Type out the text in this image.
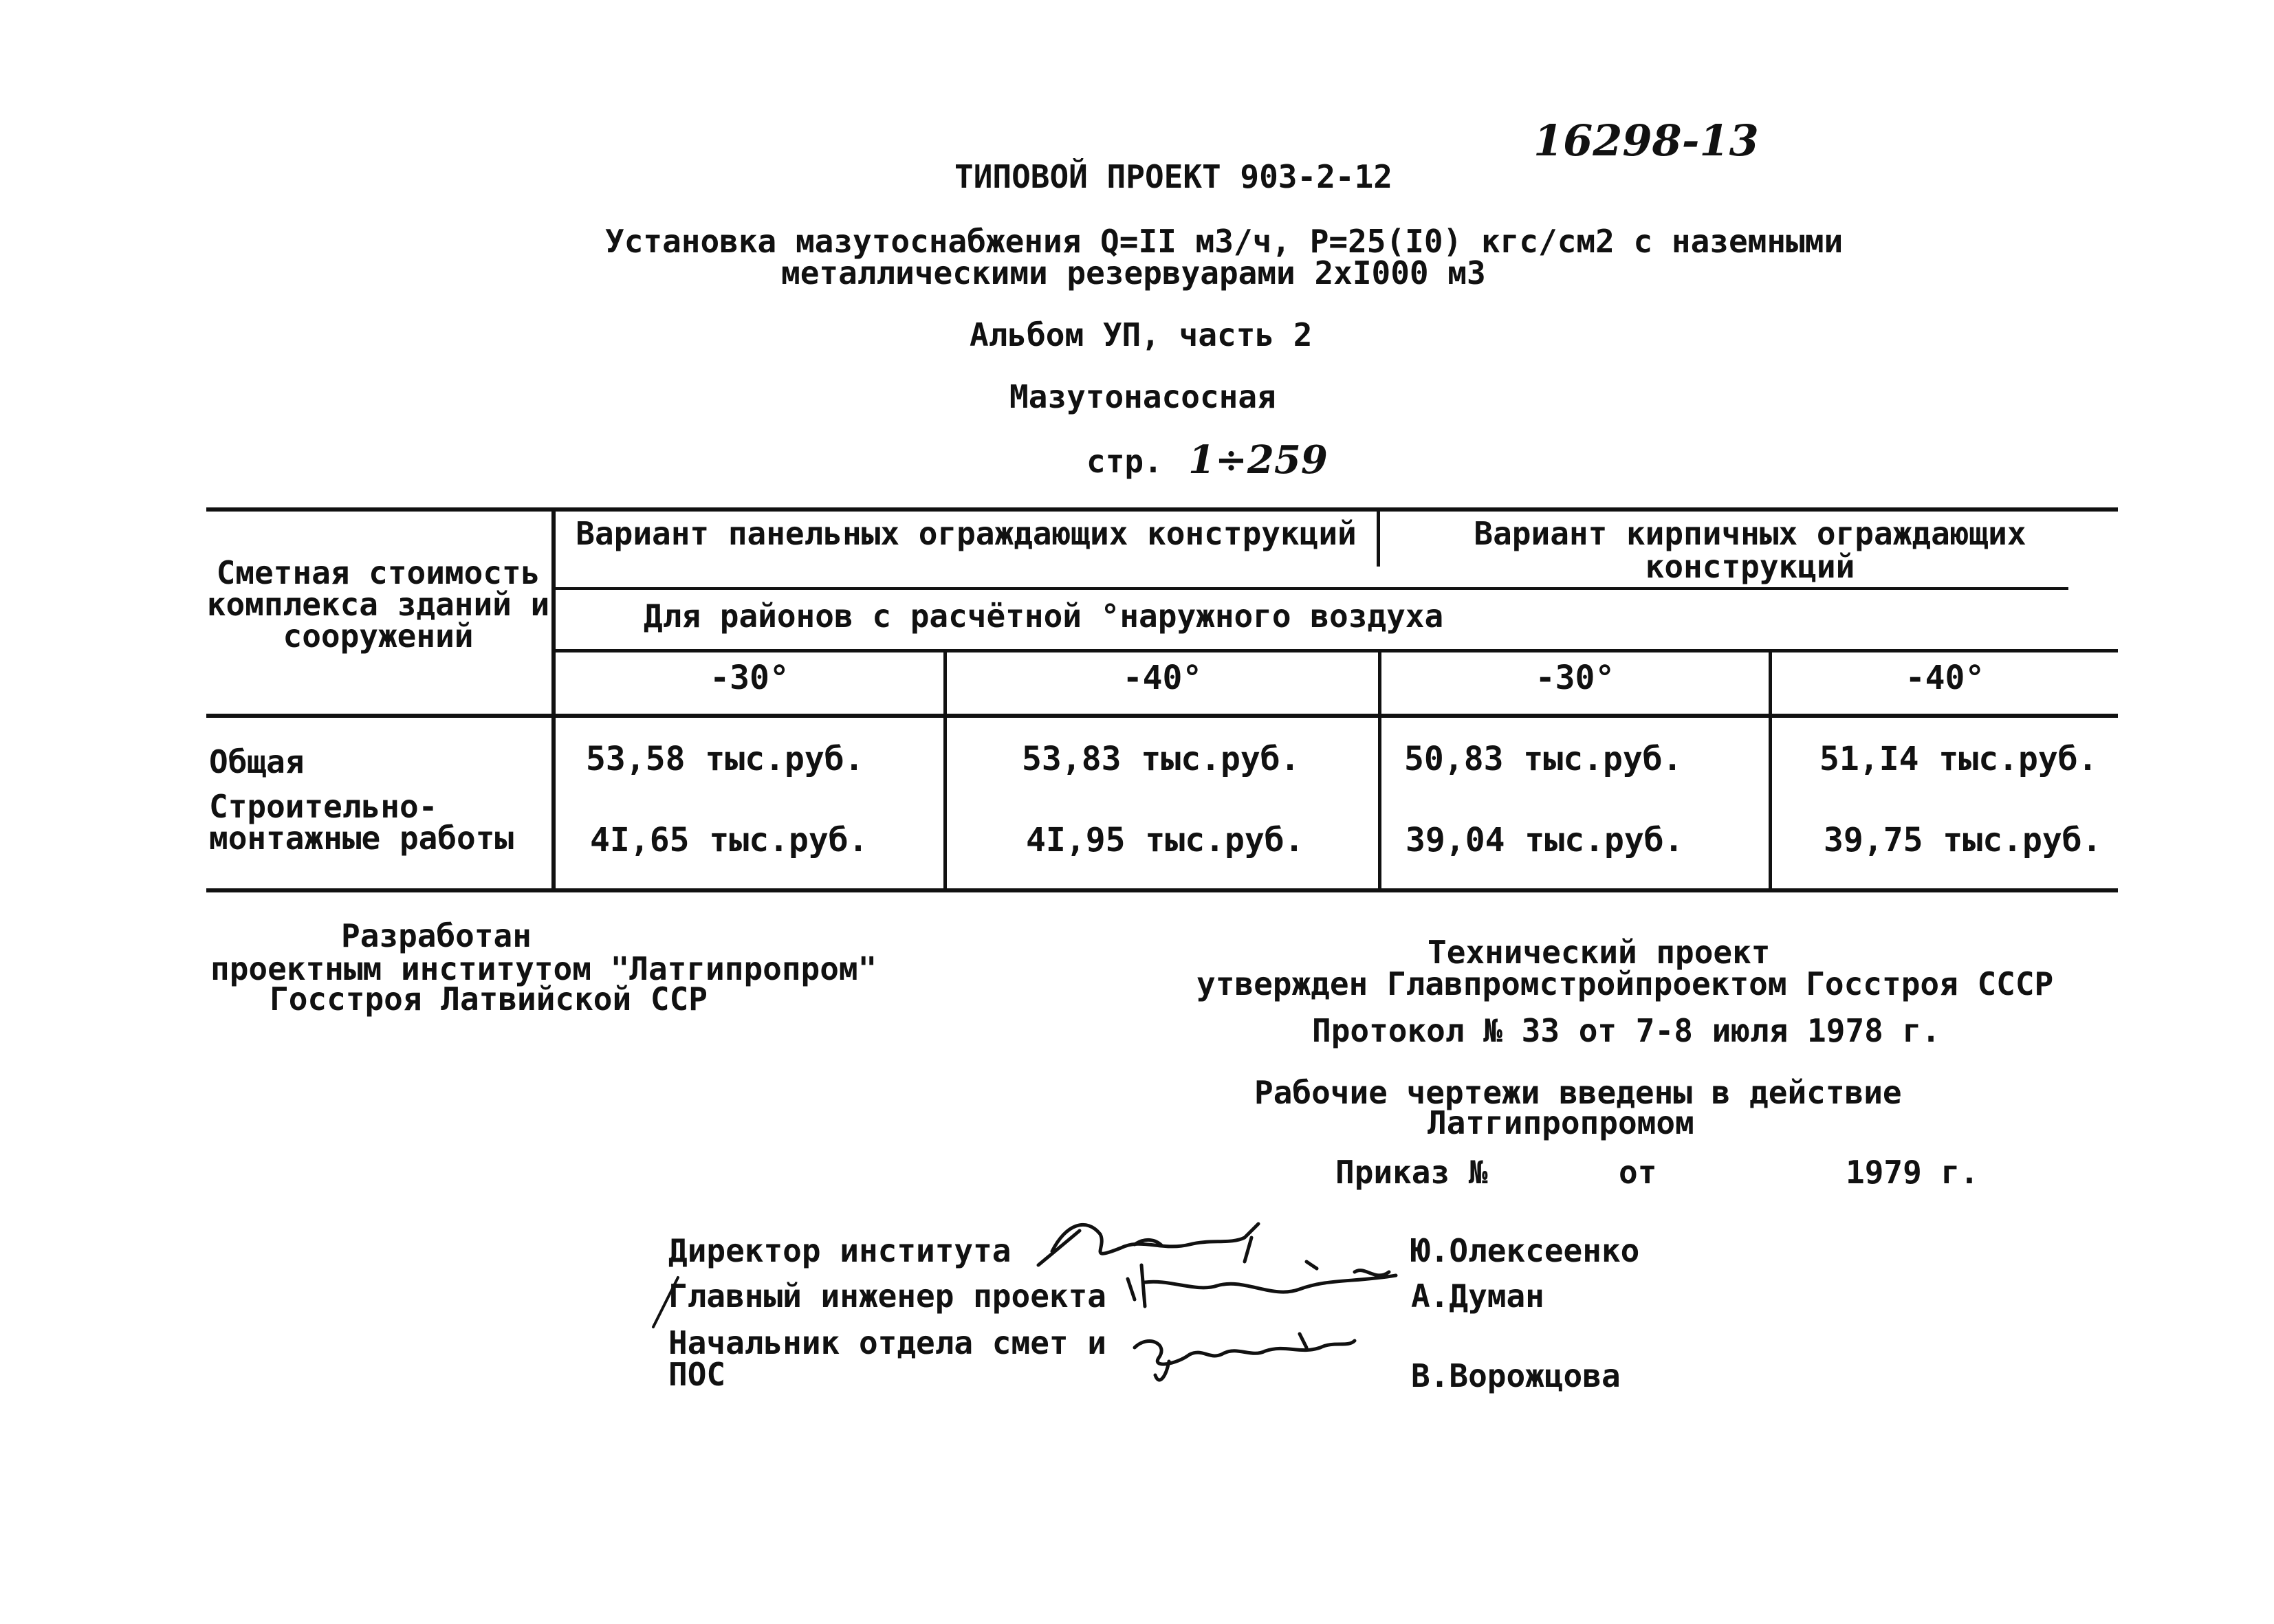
16298-13
ТИПОВОЙ ПРОЕКТ 903-2-12
Установка мазутоснабжения Q=II м3/ч, Р=25(I0) кгс/см2 с наземными
металлическими резервуарами 2хI000 м3
Альбом УП, часть 2
Мазутонасосная
стр. 1÷259
Сметная стоимость комплекса зданий и сооружений
Вариант панельных ограждающих конструкций	Вариант кирпичных ограждающих конструкций
Для районов с расчётной °наружного воздуха
-30°	-40°	-30°	-40°
Общая	53,58 тыс.руб.	53,83 тыс.руб.	50,83 тыс.руб.	51,I4 тыс.руб.
Строительно-монтажные работы	4I,65 тыс.руб.	4I,95 тыс.руб.	39,04 тыс.руб.	39,75 тыс.руб.
Разработан
проектным институтом "Латгипропром"
Госстроя Латвийской ССР
Технический проект
утвержден Главпромстройпроектом Госстроя СССР
Протокол № 33 от 7-8 июля 1978 г.
Рабочие чертежи введены в действие
Латгипропромом
Приказ №	от	1979 г.
Директор института	Ю.Олексеенко
Главный инженер проекта	А.Думан
Начальник отдела смет и ПОС	В.Ворожцова
